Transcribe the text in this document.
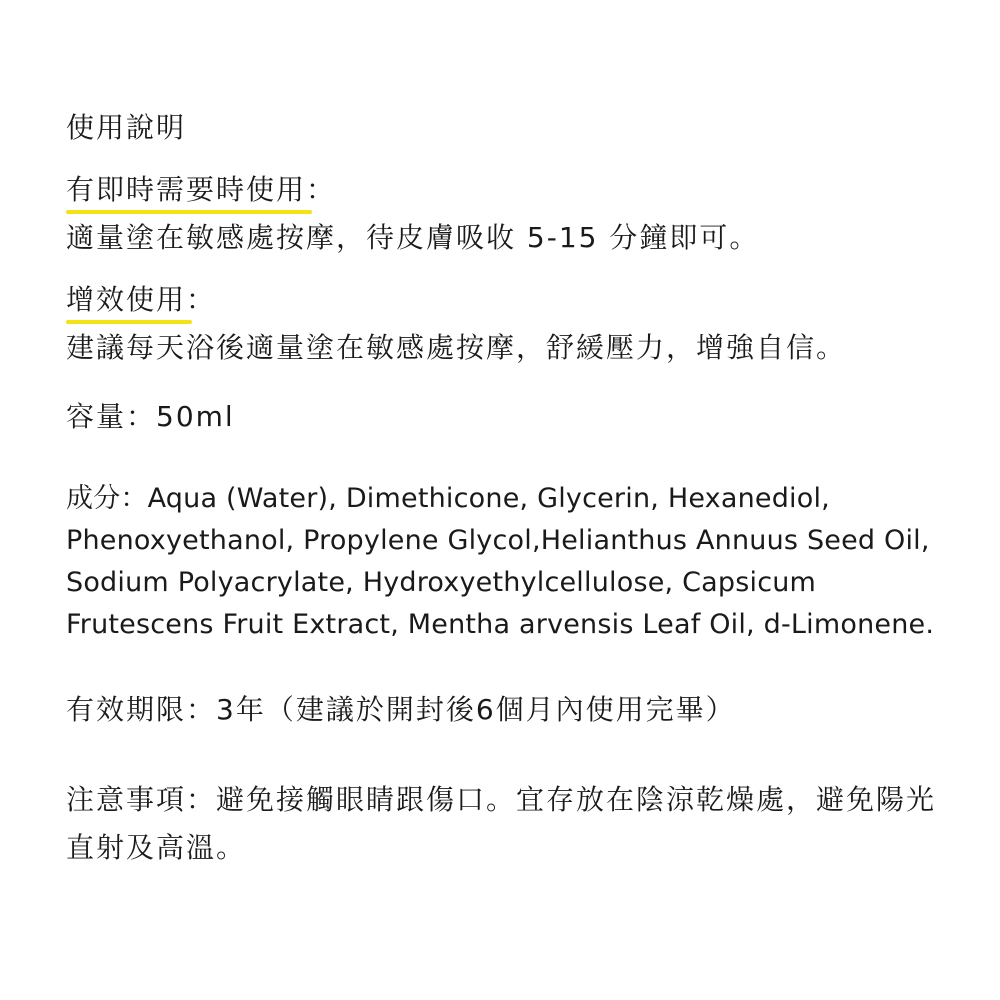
使用說明
有即時需要時使用：
適量塗在敏感處按摩，待皮膚吸收 5-15 分鐘即可。
增效使用：
建議每天浴後適量塗在敏感處按摩，舒緩壓力，增強自信。
容量：50ml

成分：Aqua (Water), Dimethicone, Glycerin, Hexanediol, Phenoxyethanol, Propylene Glycol,Helianthus Annuus Seed Oil, Sodium Polyacrylate, Hydroxyethylcellulose, Capsicum Frutescens Fruit Extract, Mentha arvensis Leaf Oil, d-Limonene.

有效期限：3年（建議於開封後6個月內使用完畢）

注意事項：避免接觸眼睛跟傷口。宜存放在陰涼乾燥處，避免陽光直射及高溫。
